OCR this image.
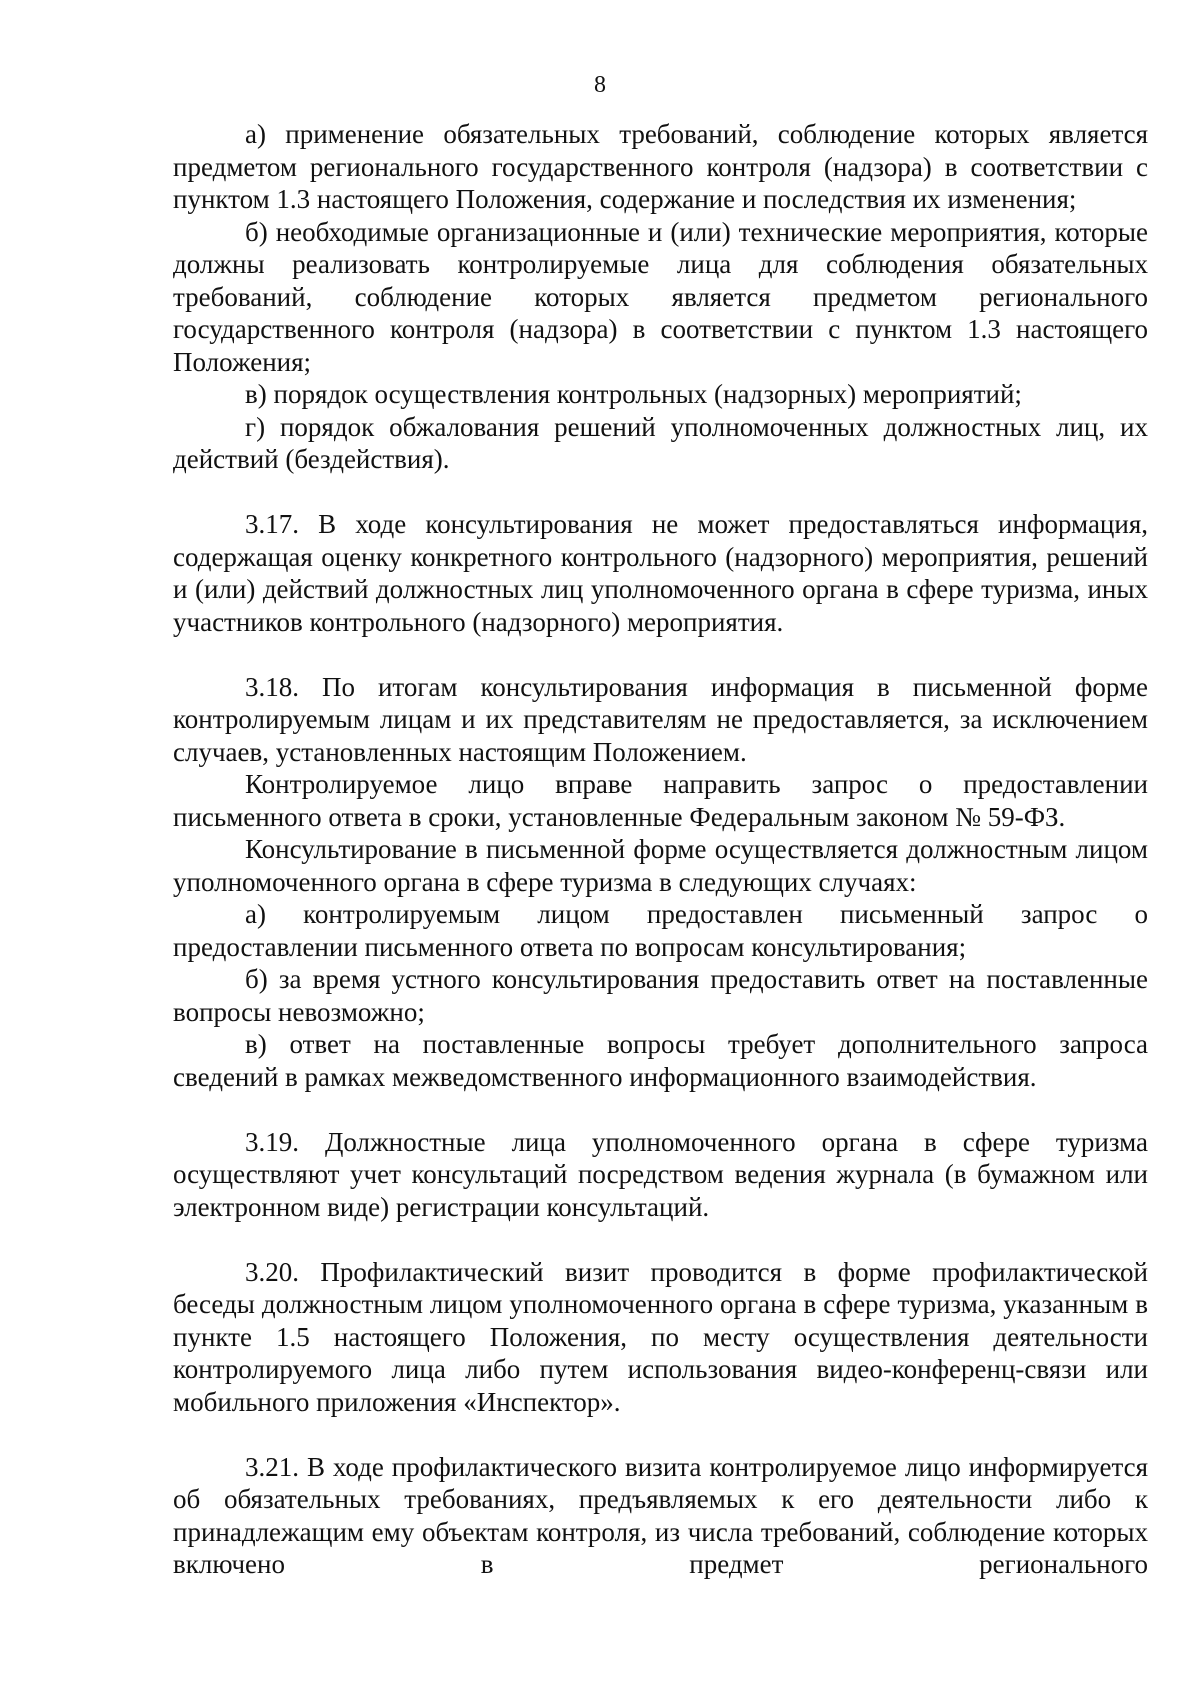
8

а) применение обязательных требований, соблюдение которых является предметом регионального государственного контроля (надзора) в соответствии с пунктом 1.3 настоящего Положения, содержание и последствия их изменения;

б) необходимые организационные и (или) технические мероприятия, которые должны реализовать контролируемые лица для соблюдения обязательных требований, соблюдение которых является предметом регионального государственного контроля (надзора) в соответствии с пунктом 1.3 настоящего Положения;

в) порядок осуществления контрольных (надзорных) мероприятий;

г) порядок обжалования решений уполномоченных должностных лиц, их действий (бездействия).

3.17. В ходе консультирования не может предоставляться информация, содержащая оценку конкретного контрольного (надзорного) мероприятия, решений и (или) действий должностных лиц уполномоченного органа в сфере туризма, иных участников контрольного (надзорного) мероприятия.

3.18. По итогам консультирования информация в письменной форме контролируемым лицам и их представителям не предоставляется, за исключением случаев, установленных настоящим Положением.

Контролируемое лицо вправе направить запрос о предоставлении письменного ответа в сроки, установленные Федеральным законом № 59-ФЗ.

Консультирование в письменной форме осуществляется должностным лицом уполномоченного органа в сфере туризма в следующих случаях:

а) контролируемым лицом предоставлен письменный запрос о предоставлении письменного ответа по вопросам консультирования;

б) за время устного консультирования предоставить ответ на поставленные вопросы невозможно;

в) ответ на поставленные вопросы требует дополнительного запроса сведений в рамках межведомственного информационного взаимодействия.

3.19. Должностные лица уполномоченного органа в сфере туризма осуществляют учет консультаций посредством ведения журнала (в бумажном или электронном виде) регистрации консультаций.

3.20. Профилактический визит проводится в форме профилактической беседы должностным лицом уполномоченного органа в сфере туризма, указанным в пункте 1.5 настоящего Положения, по месту осуществления деятельности контролируемого лица либо путем использования видео-конференц-связи или мобильного приложения «Инспектор».

3.21. В ходе профилактического визита контролируемое лицо информируется об обязательных требованиях, предъявляемых к его деятельности либо к принадлежащим ему объектам контроля, из числа требований, соблюдение которых включено в предмет регионального
